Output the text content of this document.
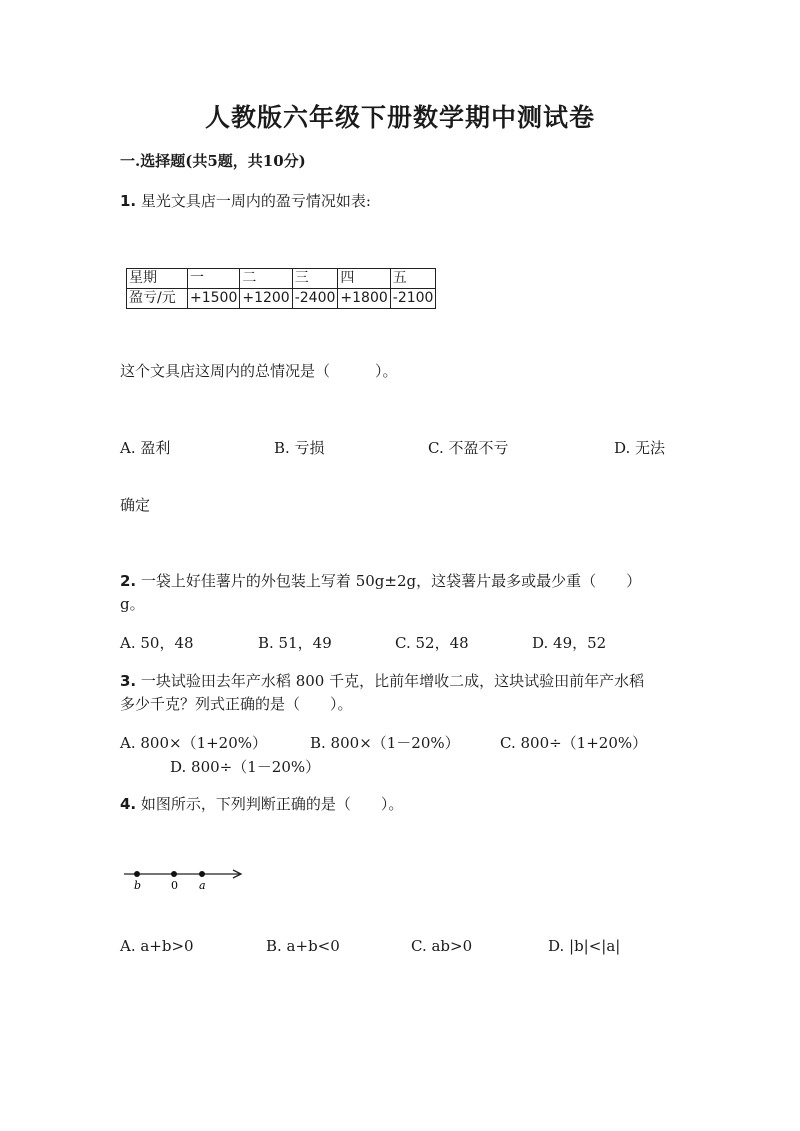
人教版六年级下册数学期中测试卷
一.选择题(共5题，共10分)
1. 星光文具店一周内的盈亏情况如表:
星期	一	二	三	四	五
盈亏/元	+1500	+1200	-2400	+1800	-2100
这个文具店这周内的总情况是（　　　）。
A. 盈利	B. 亏损	C. 不盈不亏	D. 无法
确定
2. 一袋上好佳薯片的外包装上写着 50g±2g，这袋薯片最多或最少重（　　）
g。
A. 50，48	B. 51，49	C. 52，48	D. 49，52
3. 一块试验田去年产水稻 800 千克，比前年增收二成，这块试验田前年产水稻
多少千克？列式正确的是（　　）。
A. 800×（1+20%）	B. 800×（1－20%）	C. 800÷（1+20%）
D. 800÷（1－20%）
4. 如图所示，下列判断正确的是（　　）。
b	0 a
A. a+b>0	B. a+b<0	C. ab>0	D. |b|<|a|
